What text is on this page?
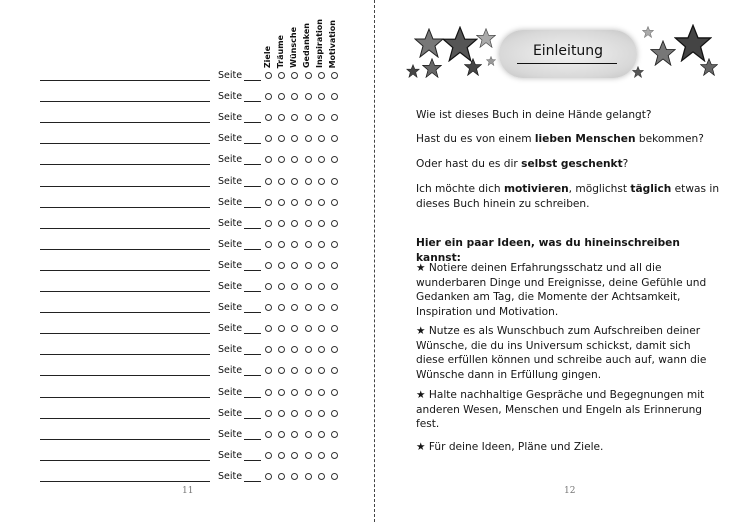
Ziele Träume Wünsche Gedanken Inspiration Motivation
Seite
Seite
Seite
Seite
Seite
Seite
Seite
Seite
Seite
Seite
Seite
Seite
Seite
Seite
Seite
Seite
Seite
Seite
Seite
Seite
11
Einleitung
Wie ist dieses Buch in deine Hände gelangt?
Hast du es von einem lieben Menschen bekommen?
Oder hast du es dir selbst geschenkt?
Ich möchte dich motivieren, möglichst täglich etwas in dieses Buch hinein zu schreiben.
Hier ein paar Ideen, was du hineinschreiben kannst:
★ Notiere deinen Erfahrungsschatz und all die wunderbaren Dinge und Ereignisse, deine Gefühle und Gedanken am Tag, die Momente der Achtsamkeit, Inspiration und Motivation.
★ Nutze es als Wunschbuch zum Aufschreiben deiner Wünsche, die du ins Universum schickst, damit sich diese erfüllen können und schreibe auch auf, wann die Wünsche dann in Erfüllung gingen.
★ Halte nachhaltige Gespräche und Begegnungen mit anderen Wesen, Menschen und Engeln als Erinnerung fest.
★ Für deine Ideen, Pläne und Ziele.
12
